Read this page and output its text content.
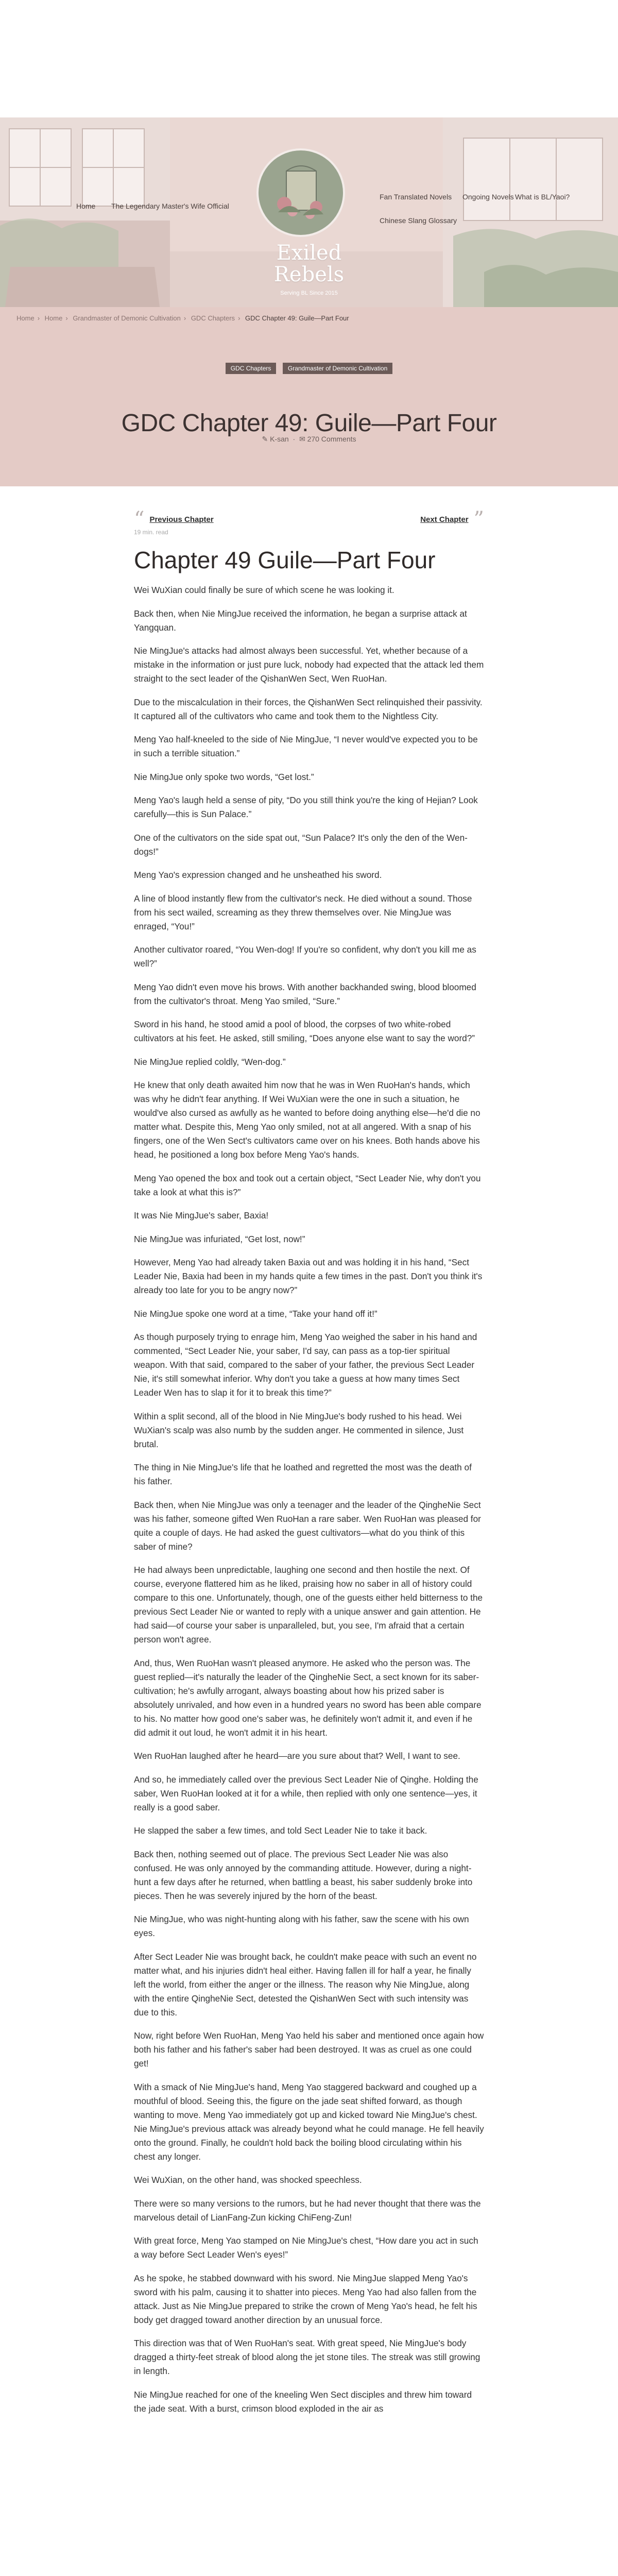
Home The Legendary Master's Wife Official
Fan Translated Novels Ongoing Novels What is BL/Yaoi?
Chinese Slang Glossary
Exiled
Rebels
Serving BL Since 2015
Home › Home › Grandmaster of Demonic Cultivation › GDC Chapters › GDC Chapter 49: Guile—Part Four
GDC Chapters	Grandmaster of Demonic Cultivation
GDC Chapter 49: Guile—Part Four
✎ K-san  ·  ✉ 270 Comments
“ Previous Chapter	Next Chapter ”
19 min. read
Chapter 49 Guile—Part Four

Wei WuXian could finally be sure of which scene he was looking it.

Back then, when Nie MingJue received the information, he began a surprise attack at Yangquan.

Nie MingJue's attacks had almost always been successful. Yet, whether because of a mistake in the information or just pure luck, nobody had expected that the attack led them straight to the sect leader of the QishanWen Sect, Wen RuoHan.

Due to the miscalculation in their forces, the QishanWen Sect relinquished their passivity. It captured all of the cultivators who came and took them to the Nightless City.

Meng Yao half-kneeled to the side of Nie MingJue, “I never would've expected you to be in such a terrible situation.”

Nie MingJue only spoke two words, “Get lost.”

Meng Yao's laugh held a sense of pity, “Do you still think you're the king of Hejian? Look carefully—this is Sun Palace.”

One of the cultivators on the side spat out, “Sun Palace? It's only the den of the Wen-dogs!”

Meng Yao's expression changed and he unsheathed his sword.

A line of blood instantly flew from the cultivator's neck. He died without a sound. Those from his sect wailed, screaming as they threw themselves over. Nie MingJue was enraged, “You!”

Another cultivator roared, “You Wen-dog! If you're so confident, why don't you kill me as well?”

Meng Yao didn't even move his brows. With another backhanded swing, blood bloomed from the cultivator's throat. Meng Yao smiled, “Sure.”

Sword in his hand, he stood amid a pool of blood, the corpses of two white-robed cultivators at his feet. He asked, still smiling, “Does anyone else want to say the word?”

Nie MingJue replied coldly, “Wen-dog.”

He knew that only death awaited him now that he was in Wen RuoHan's hands, which was why he didn't fear anything. If Wei WuXian were the one in such a situation, he would've also cursed as awfully as he wanted to before doing anything else—he'd die no matter what. Despite this, Meng Yao only smiled, not at all angered. With a snap of his fingers, one of the Wen Sect's cultivators came over on his knees. Both hands above his head, he positioned a long box before Meng Yao's hands.

Meng Yao opened the box and took out a certain object, “Sect Leader Nie, why don't you take a look at what this is?”

It was Nie MingJue's saber, Baxia!

Nie MingJue was infuriated, “Get lost, now!”

However, Meng Yao had already taken Baxia out and was holding it in his hand, “Sect Leader Nie, Baxia had been in my hands quite a few times in the past. Don't you think it's already too late for you to be angry now?”

Nie MingJue spoke one word at a time, “Take your hand off it!”

As though purposely trying to enrage him, Meng Yao weighed the saber in his hand and commented, “Sect Leader Nie, your saber, I'd say, can pass as a top-tier spiritual weapon. With that said, compared to the saber of your father, the previous Sect Leader Nie, it's still somewhat inferior. Why don't you take a guess at how many times Sect Leader Wen has to slap it for it to break this time?”

Within a split second, all of the blood in Nie MingJue's body rushed to his head. Wei WuXian's scalp was also numb by the sudden anger. He commented in silence, Just brutal.

The thing in Nie MingJue's life that he loathed and regretted the most was the death of his father.

Back then, when Nie MingJue was only a teenager and the leader of the QingheNie Sect was his father, someone gifted Wen RuoHan a rare saber. Wen RuoHan was pleased for quite a couple of days. He had asked the guest cultivators—what do you think of this saber of mine?

He had always been unpredictable, laughing one second and then hostile the next. Of course, everyone flattered him as he liked, praising how no saber in all of history could compare to this one. Unfortunately, though, one of the guests either held bitterness to the previous Sect Leader Nie or wanted to reply with a unique answer and gain attention. He had said—of course your saber is unparalleled, but, you see, I'm afraid that a certain person won't agree.

And, thus, Wen RuoHan wasn't pleased anymore. He asked who the person was. The guest replied—it's naturally the leader of the QingheNie Sect, a sect known for its saber-cultivation; he's awfully arrogant, always boasting about how his prized saber is absolutely unrivaled, and how even in a hundred years no sword has been able compare to his. No matter how good one's saber was, he definitely won't admit it, and even if he did admit it out loud, he won't admit it in his heart.

Wen RuoHan laughed after he heard—are you sure about that? Well, I want to see.

And so, he immediately called over the previous Sect Leader Nie of Qinghe. Holding the saber, Wen RuoHan looked at it for a while, then replied with only one sentence—yes, it really is a good saber.

He slapped the saber a few times, and told Sect Leader Nie to take it back.

Back then, nothing seemed out of place. The previous Sect Leader Nie was also confused. He was only annoyed by the commanding attitude. However, during a night-hunt a few days after he returned, when battling a beast, his saber suddenly broke into pieces. Then he was severely injured by the horn of the beast.

Nie MingJue, who was night-hunting along with his father, saw the scene with his own eyes.

After Sect Leader Nie was brought back, he couldn't make peace with such an event no matter what, and his injuries didn't heal either. Having fallen ill for half a year, he finally left the world, from either the anger or the illness. The reason why Nie MingJue, along with the entire QingheNie Sect, detested the QishanWen Sect with such intensity was due to this.

Now, right before Wen RuoHan, Meng Yao held his saber and mentioned once again how both his father and his father's saber had been destroyed. It was as cruel as one could get!

With a smack of Nie MingJue's hand, Meng Yao staggered backward and coughed up a mouthful of blood. Seeing this, the figure on the jade seat shifted forward, as though wanting to move. Meng Yao immediately got up and kicked toward Nie MingJue's chest. Nie MingJue's previous attack was already beyond what he could manage. He fell heavily onto the ground. Finally, he couldn't hold back the boiling blood circulating within his chest any longer.

Wei WuXian, on the other hand, was shocked speechless.

There were so many versions to the rumors, but he had never thought that there was the marvelous detail of LianFang-Zun kicking ChiFeng-Zun!

With great force, Meng Yao stamped on Nie MingJue's chest, “How dare you act in such a way before Sect Leader Wen's eyes!”

As he spoke, he stabbed downward with his sword. Nie MingJue slapped Meng Yao's sword with his palm, causing it to shatter into pieces. Meng Yao had also fallen from the attack. Just as Nie MingJue prepared to strike the crown of Meng Yao's head, he felt his body get dragged toward another direction by an unusual force.

This direction was that of Wen RuoHan's seat. With great speed, Nie MingJue's body dragged a thirty-feet streak of blood along the jet stone tiles. The streak was still growing in length.

Nie MingJue reached for one of the kneeling Wen Sect disciples and threw him toward the jade seat. With a burst, crimson blood exploded in the air as
